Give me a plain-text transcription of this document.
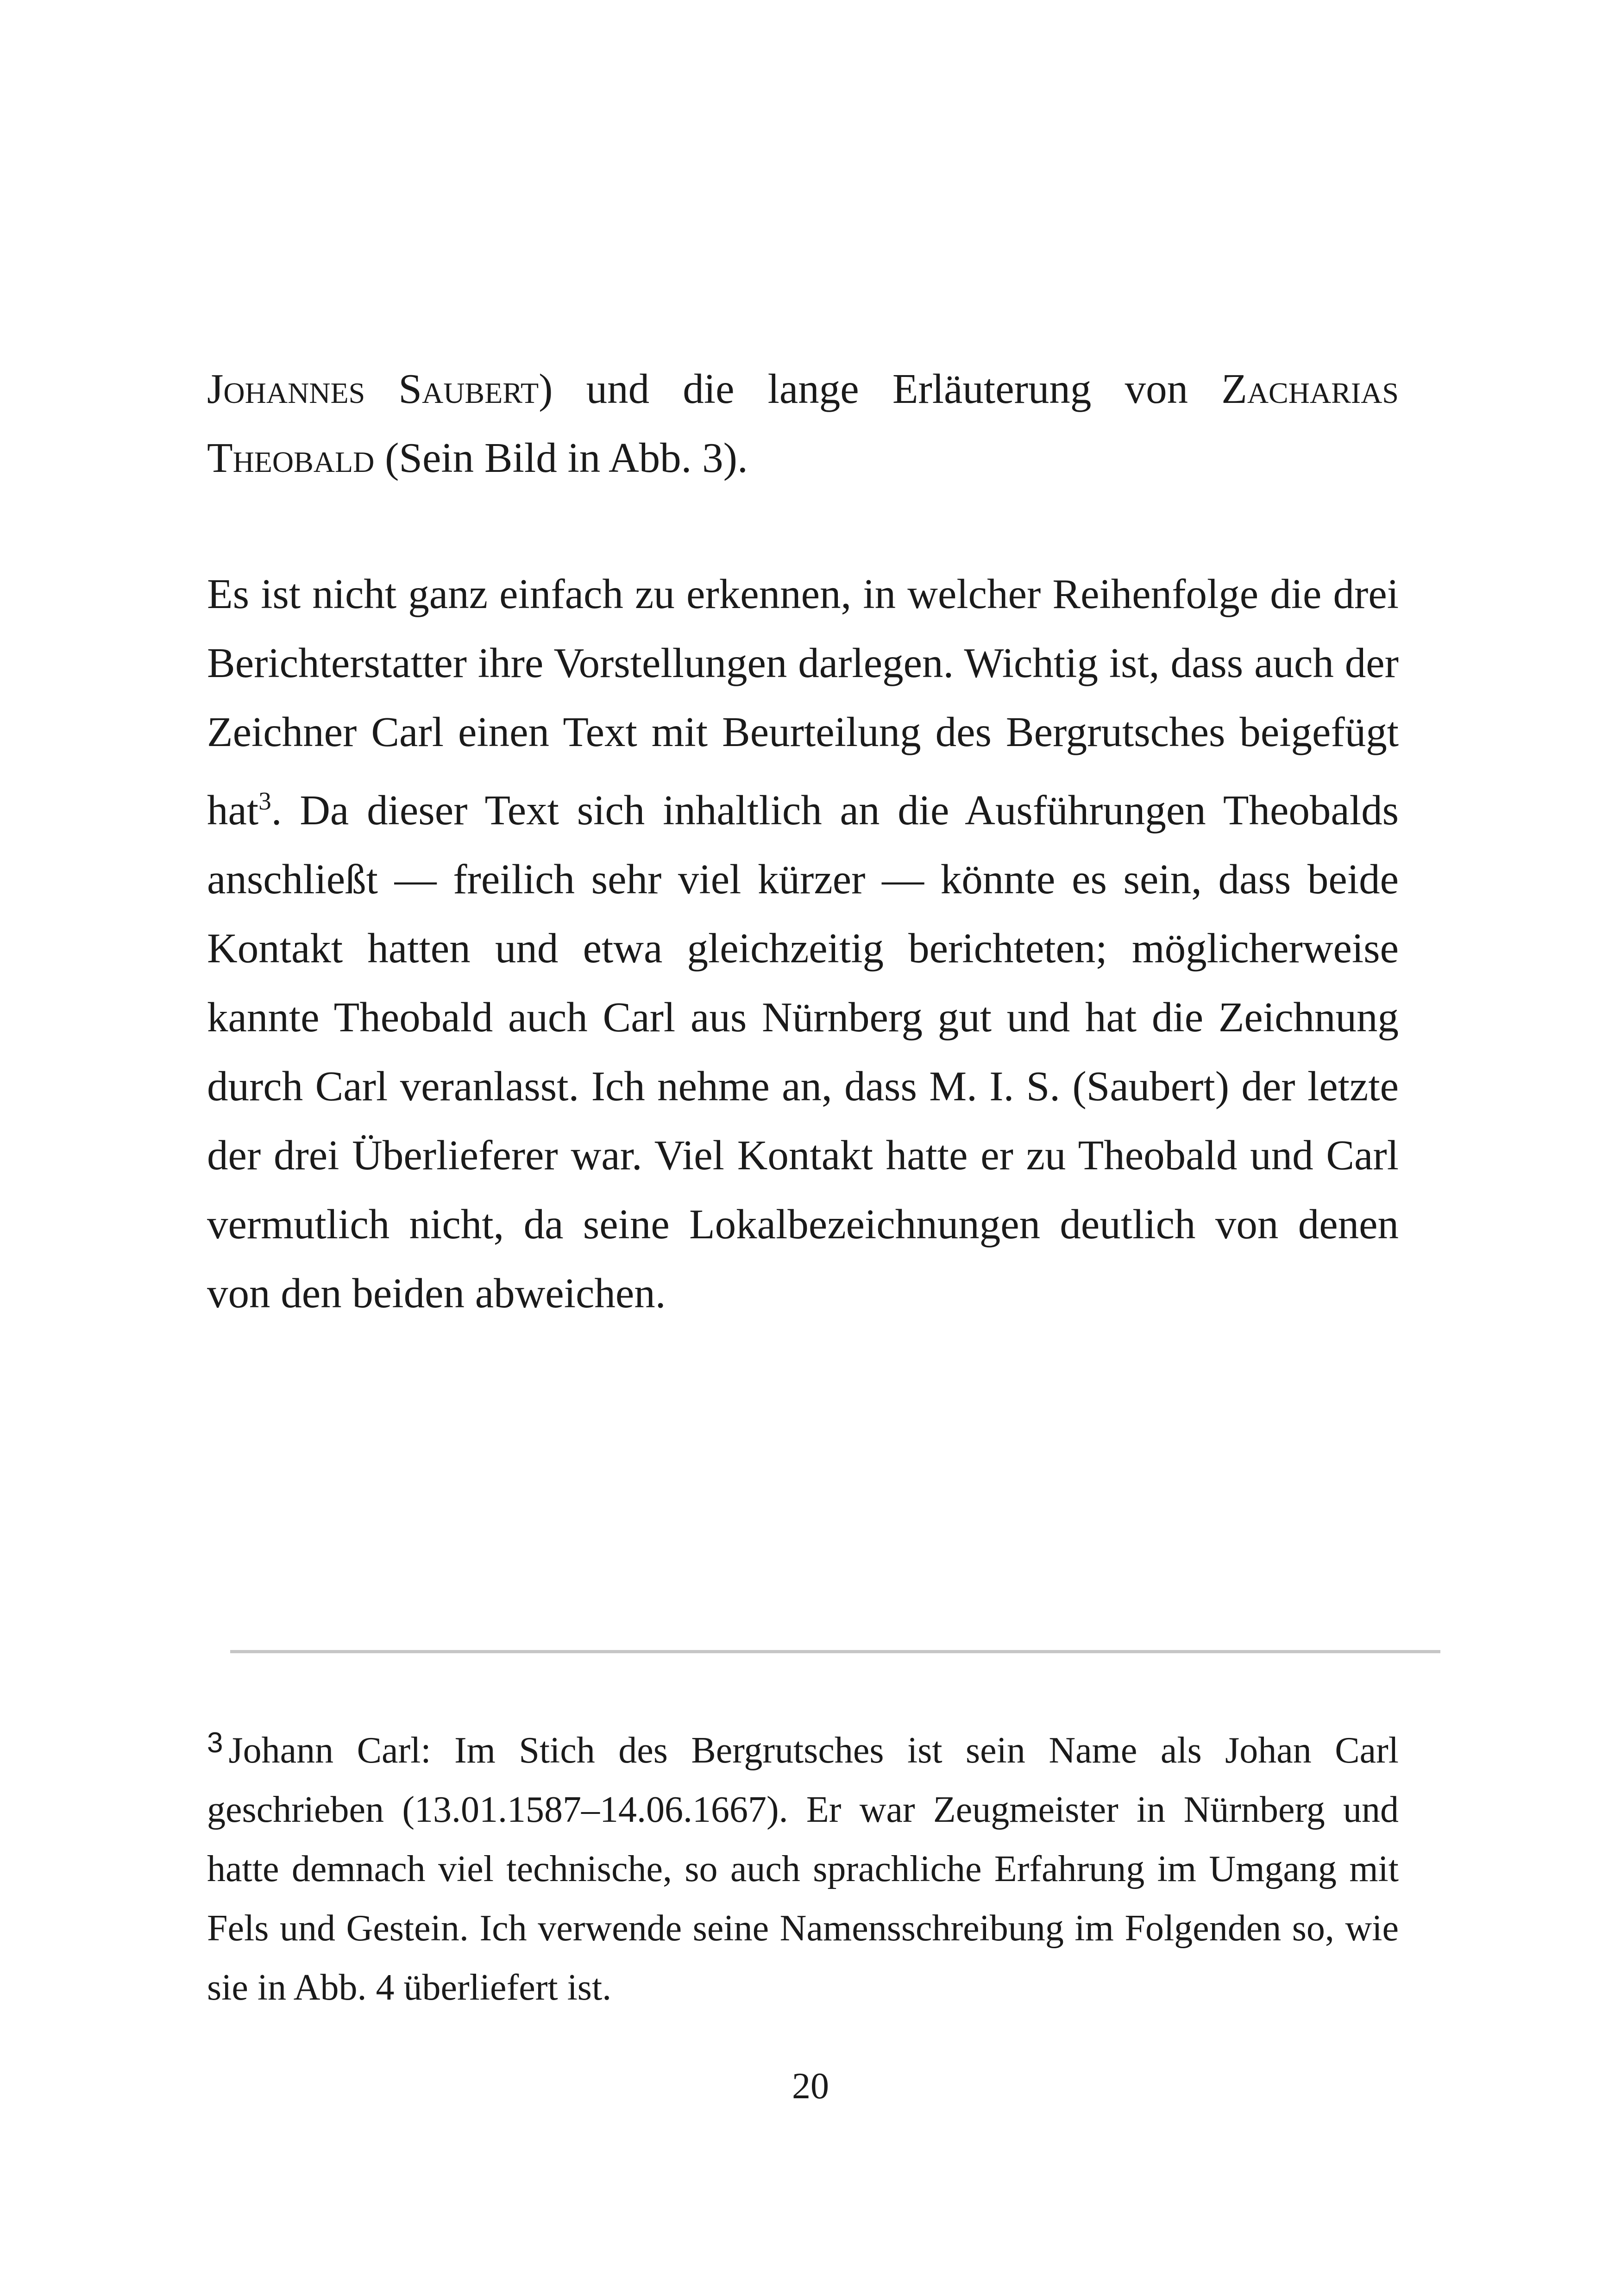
Johannes Saubert) und die lange Erläuterung von Zacharias Theobald (Sein Bild in Abb. 3).

Es ist nicht ganz einfach zu erkennen, in welcher Reihenfolge die drei Berichterstatter ihre Vorstellungen darlegen. Wichtig ist, dass auch der Zeichner Carl einen Text mit Beurteilung des Bergrutsches beigefügt hat$^3$. Da dieser Text sich inhaltlich an die Ausführungen Theobalds anschließt — freilich sehr viel kürzer — könnte es sein, dass beide Kontakt hatten und etwa gleichzeitig berichteten; möglicherweise kannte Theobald auch Carl aus Nürnberg gut und hat die Zeichnung durch Carl veranlasst. Ich nehme an, dass M. I. S. (Saubert) der letzte der drei Überlieferer war. Viel Kontakt hatte er zu Theobald und Carl vermutlich nicht, da seine Lokalbezeichnungen deutlich von denen von den beiden abweichen.

$^3$ Johann Carl: Im Stich des Bergrutsches ist sein Name als Johan Carl geschrieben (13.01.1587–14.06.1667). Er war Zeugmeister in Nürnberg und hatte demnach viel technische, so auch sprachliche Erfahrung im Umgang mit Fels und Gestein. Ich verwende seine Namensschreibung im Folgenden so, wie sie in Abb. 4 überliefert ist.

20
